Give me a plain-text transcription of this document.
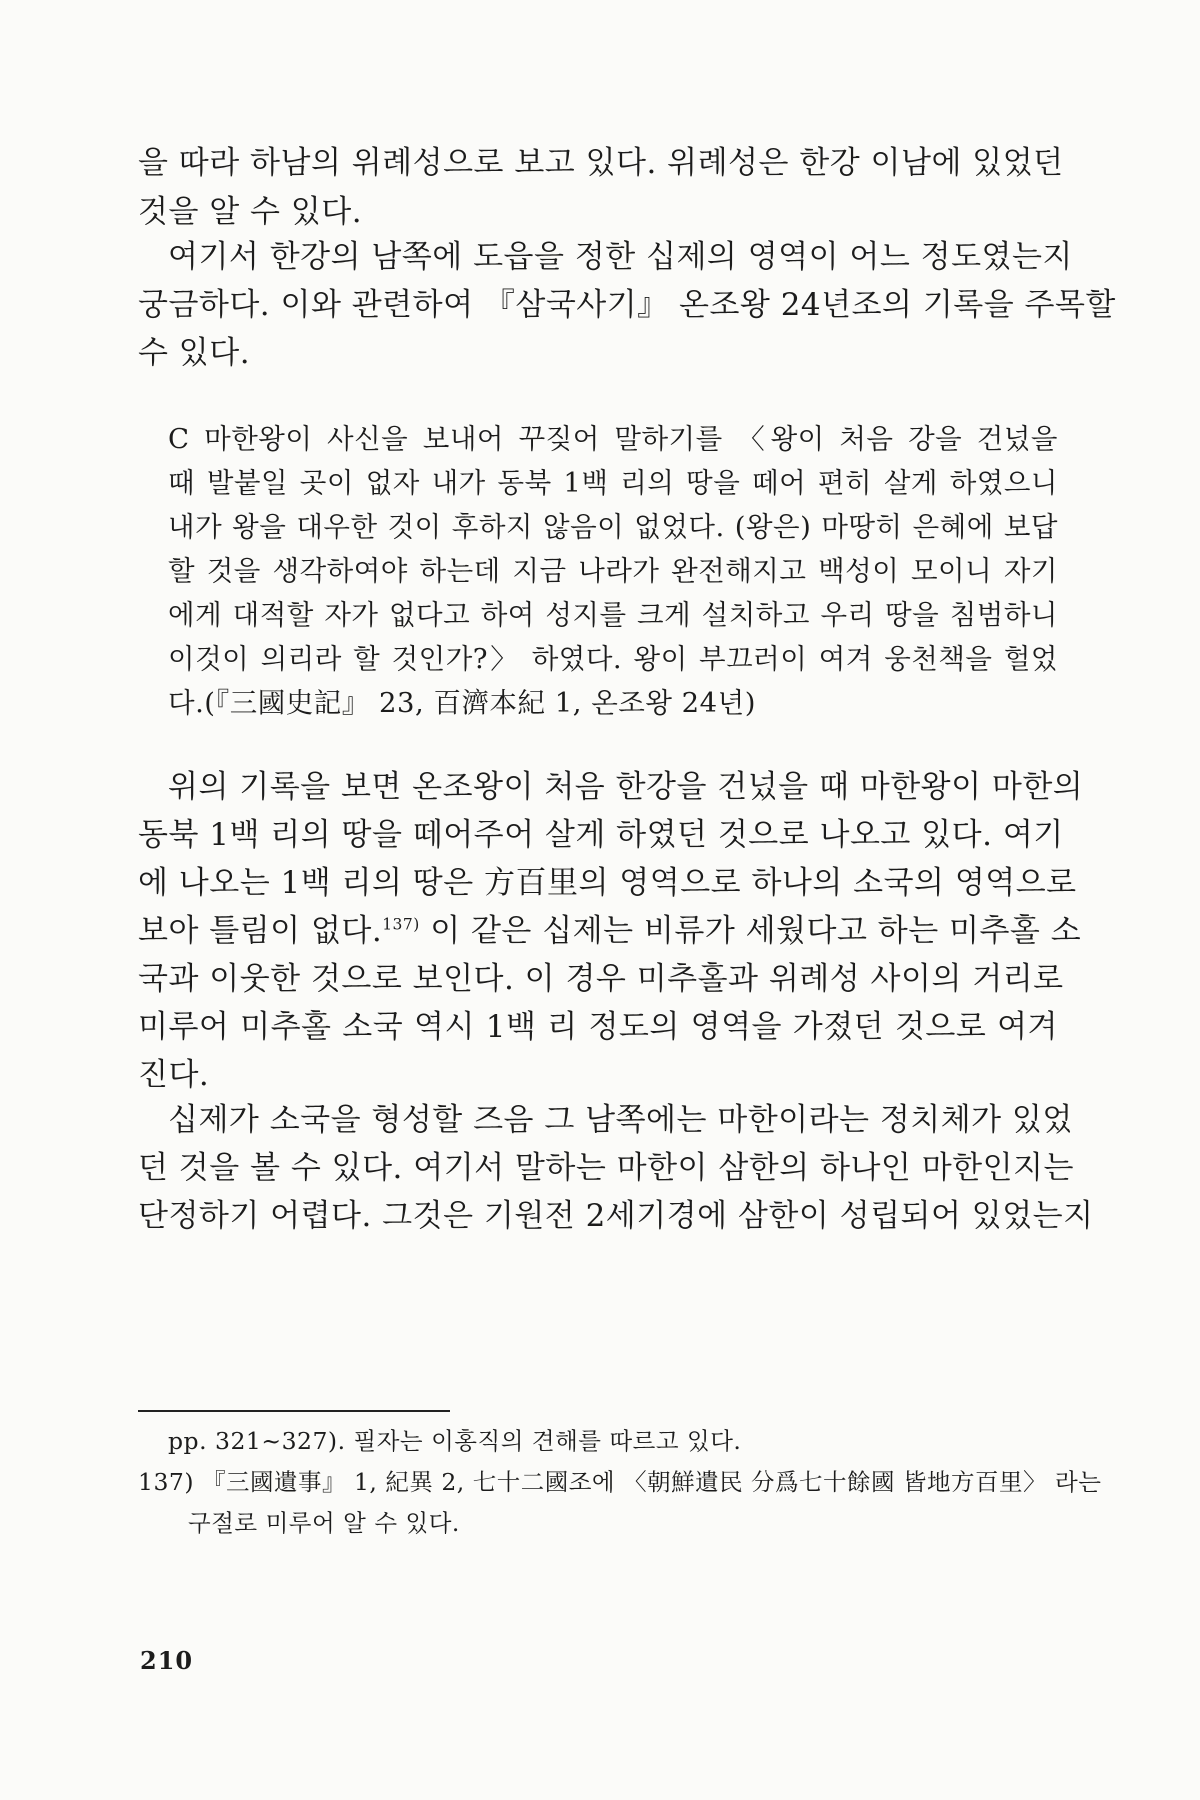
을 따라 하남의 위례성으로 보고 있다. 위례성은 한강 이남에 있었던
것을 알 수 있다.
여기서 한강의 남쪽에 도읍을 정한 십제의 영역이 어느 정도였는지
궁금하다. 이와 관련하여 『삼국사기』 온조왕 24년조의 기록을 주목할
수 있다.
C 마한왕이 사신을 보내어 꾸짖어 말하기를 〈왕이 처음 강을 건넜을
때 발붙일 곳이 없자 내가 동북 1백 리의 땅을 떼어 편히 살게 하였으니
내가 왕을 대우한 것이 후하지 않음이 없었다. (왕은) 마땅히 은혜에 보답
할 것을 생각하여야 하는데 지금 나라가 완전해지고 백성이 모이니 자기
에게 대적할 자가 없다고 하여 성지를 크게 설치하고 우리 땅을 침범하니
이것이 의리라 할 것인가?〉 하였다. 왕이 부끄러이 여겨 웅천책을 헐었
다.(『三國史記』 23, 百濟本紀 1, 온조왕 24년)
위의 기록을 보면 온조왕이 처음 한강을 건넜을 때 마한왕이 마한의
동북 1백 리의 땅을 떼어주어 살게 하였던 것으로 나오고 있다. 여기
에 나오는 1백 리의 땅은 方百里의 영역으로 하나의 소국의 영역으로
보아 틀림이 없다.$^{137)}$ 이 같은 십제는 비류가 세웠다고 하는 미추홀 소
국과 이웃한 것으로 보인다. 이 경우 미추홀과 위례성 사이의 거리로
미루어 미추홀 소국 역시 1백 리 정도의 영역을 가졌던 것으로 여겨
진다.
십제가 소국을 형성할 즈음 그 남쪽에는 마한이라는 정치체가 있었
던 것을 볼 수 있다. 여기서 말하는 마한이 삼한의 하나인 마한인지는
단정하기 어렵다. 그것은 기원전 2세기경에 삼한이 성립되어 있었는지
pp. 321~327). 필자는 이홍직의 견해를 따르고 있다.
137) 『三國遺事』 1, 紀異 2, 七十二國조에 〈朝鮮遺民 分爲七十餘國 皆地方百里〉 라는
구절로 미루어 알 수 있다.
210
